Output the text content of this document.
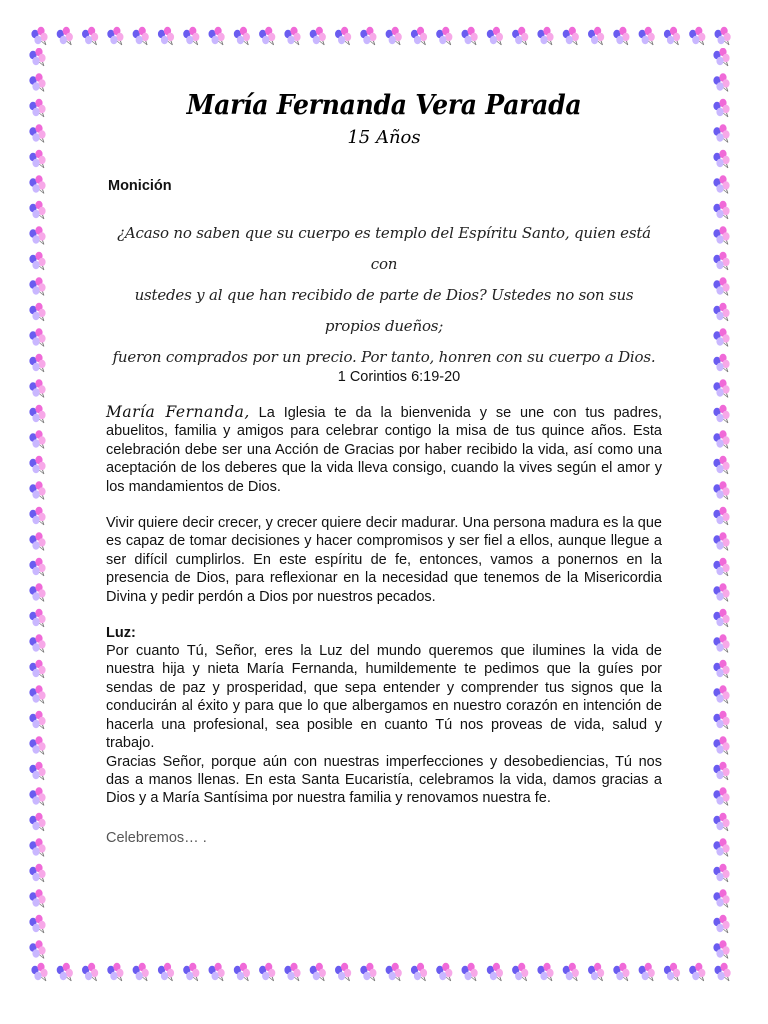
María Fernanda Vera Parada
15 Años
Monición
¿Acaso no saben que su cuerpo es templo del Espíritu Santo, quien está con
ustedes y al que han recibido de parte de Dios? Ustedes no son sus propios dueños;
fueron comprados por un precio. Por tanto, honren con su cuerpo a Dios.
1 Corintios 6:19-20

María Fernanda, La Iglesia te da la bienvenida y se une con tus padres, abuelitos, familia y amigos para celebrar contigo la misa de tus quince años. Esta celebración debe ser una Acción de Gracias por haber recibido la vida, así como una aceptación de los deberes que la vida lleva consigo, cuando la vives según el amor y los mandamientos de Dios.

Vivir quiere decir crecer, y crecer quiere decir madurar. Una persona madura es la que es capaz de tomar decisiones y hacer compromisos y ser fiel a ellos, aunque llegue a ser difícil cumplirlos. En este espíritu de fe, entonces, vamos a ponernos en la presencia de Dios, para reflexionar en la necesidad que tenemos de la Misericordia Divina y pedir perdón a Dios por nuestros pecados.

Luz:

Por cuanto Tú, Señor, eres la Luz del mundo queremos que ilumines la vida de nuestra hija y nieta María Fernanda, humildemente te pedimos que la guíes por sendas de paz y prosperidad, que sepa entender y comprender tus signos que la conducirán al éxito y para que lo que albergamos en nuestro corazón en intención de hacerla una profesional, sea posible en cuanto Tú nos proveas de vida, salud y trabajo.

Gracias Señor, porque aún con nuestras imperfecciones y desobediencias, Tú nos das a manos llenas. En esta Santa Eucaristía, celebramos la vida, damos gracias a Dios y a María Santísima por nuestra familia y renovamos nuestra fe.

Celebremos… .
